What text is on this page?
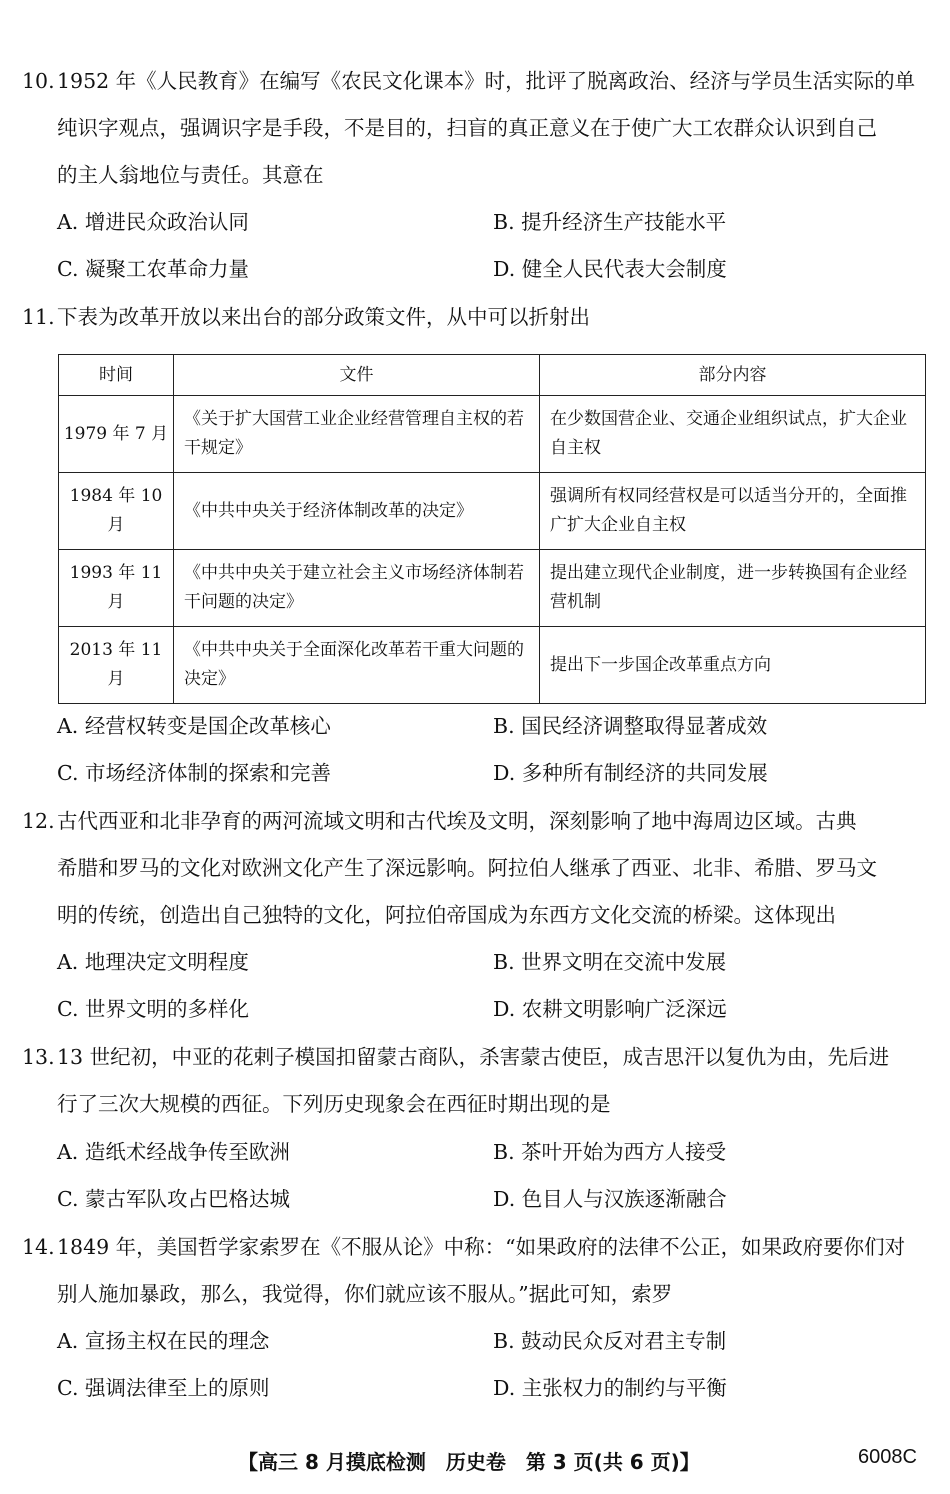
10. 1952 年《人民教育》在编写《农民文化课本》时，批评了脱离政治、经济与学员生活实际的单
纯识字观点，强调识字是手段，不是目的，扫盲的真正意义在于使广大工农群众认识到自己
的主人翁地位与责任。其意在
A. 增进民众政治认同	B. 提升经济生产技能水平
C. 凝聚工农革命力量	D. 健全人民代表大会制度
11. 下表为改革开放以来出台的部分政策文件，从中可以折射出
时间	文件	部分内容
1979 年 7 月	《关于扩大国营工业企业经营管理自主权的若干规定》	在少数国营企业、交通企业组织试点，扩大企业自主权
1984 年 10 月	《中共中央关于经济体制改革的决定》	强调所有权同经营权是可以适当分开的，全面推广扩大企业自主权
1993 年 11 月	《中共中央关于建立社会主义市场经济体制若干问题的决定》	提出建立现代企业制度，进一步转换国有企业经营机制
2013 年 11 月	《中共中央关于全面深化改革若干重大问题的决定》	提出下一步国企改革重点方向
A. 经营权转变是国企改革核心	B. 国民经济调整取得显著成效
C. 市场经济体制的探索和完善	D. 多种所有制经济的共同发展
12. 古代西亚和北非孕育的两河流域文明和古代埃及文明，深刻影响了地中海周边区域。古典
希腊和罗马的文化对欧洲文化产生了深远影响。阿拉伯人继承了西亚、北非、希腊、罗马文
明的传统，创造出自己独特的文化，阿拉伯帝国成为东西方文化交流的桥梁。这体现出
A. 地理决定文明程度	B. 世界文明在交流中发展
C. 世界文明的多样化	D. 农耕文明影响广泛深远
13. 13 世纪初，中亚的花剌子模国扣留蒙古商队，杀害蒙古使臣，成吉思汗以复仇为由，先后进
行了三次大规模的西征。下列历史现象会在西征时期出现的是
A. 造纸术经战争传至欧洲	B. 茶叶开始为西方人接受
C. 蒙古军队攻占巴格达城	D. 色目人与汉族逐渐融合
14. 1849 年，美国哲学家索罗在《不服从论》中称：“如果政府的法律不公正，如果政府要你们对
别人施加暴政，那么，我觉得，你们就应该不服从。”据此可知，索罗
A. 宣扬主权在民的理念	B. 鼓动民众反对君主专制
C. 强调法律至上的原则	D. 主张权力的制约与平衡
【高三 8 月摸底检测　历史卷　第 3 页(共 6 页)】	6008C
